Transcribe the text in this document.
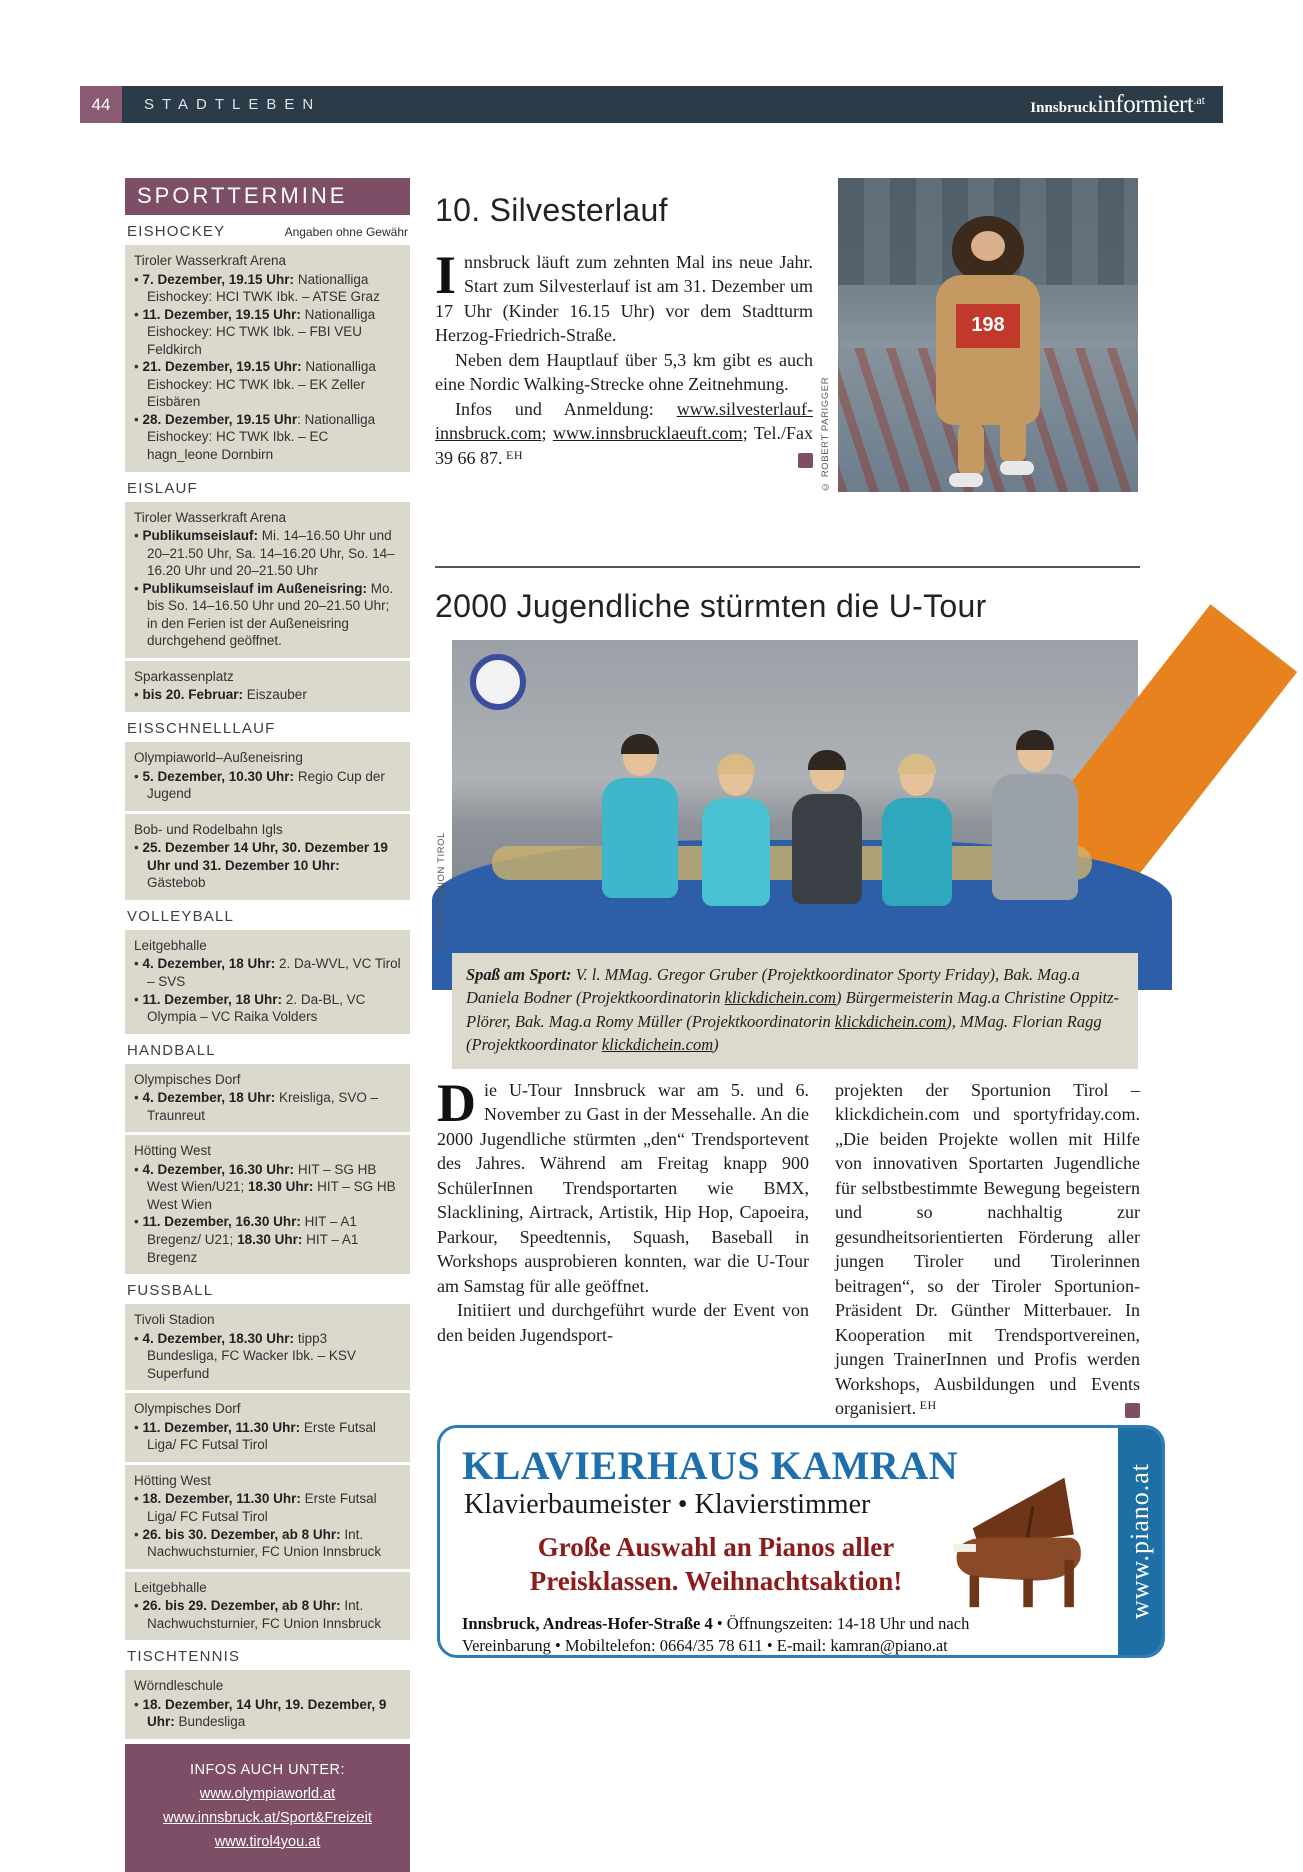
44	STADTLEBEN	Innsbruck informiert .at
SPORTTERMINE
EISHOCKEY	Angaben ohne Gewähr
Tiroler Wasserkraft Arena
• 7. Dezember, 19.15 Uhr: Nationalliga Eishockey: HCI TWK Ibk. – ATSE Graz
• 11. Dezember, 19.15 Uhr: Nationalliga Eishockey: HC TWK Ibk. – FBI VEU Feldkirch
• 21. Dezember, 19.15 Uhr: Nationalliga Eishockey: HC TWK Ibk. – EK Zeller Eisbären
• 28. Dezember, 19.15 Uhr: Nationalliga Eishockey: HC TWK Ibk. – EC hagn_leone Dornbirn
EISLAUF
Tiroler Wasserkraft Arena
• Publikumseislauf: Mi. 14–16.50 Uhr und 20–21.50 Uhr, Sa. 14–16.20 Uhr, So. 14–16.20 Uhr und 20–21.50 Uhr
• Publikumseislauf im Außeneisring: Mo. bis So. 14–16.50 Uhr und 20–21.50 Uhr; in den Ferien ist der Außeneisring durchgehend geöffnet.
Sparkassenplatz
• bis 20. Februar: Eiszauber
EISSCHNELLLAUF
Olympiaworld–Außeneisring
• 5. Dezember, 10.30 Uhr: Regio Cup der Jugend
Bob- und Rodelbahn Igls
• 25. Dezember 14 Uhr, 30. Dezember 19 Uhr und 31. Dezember 10 Uhr: Gästebob
VOLLEYBALL
Leitgebhalle
• 4. Dezember, 18 Uhr: 2. Da-WVL, VC Tirol – SVS
• 11. Dezember, 18 Uhr: 2. Da-BL, VC Olympia – VC Raika Volders
HANDBALL
Olympisches Dorf
• 4. Dezember, 18 Uhr: Kreisliga, SVO – Traunreut
Hötting West
• 4. Dezember, 16.30 Uhr: HIT – SG HB West Wien/U21; 18.30 Uhr: HIT – SG HB West Wien
• 11. Dezember, 16.30 Uhr: HIT – A1 Bregenz/ U21; 18.30 Uhr: HIT – A1 Bregenz
FUSSBALL
Tivoli Stadion
• 4. Dezember, 18.30 Uhr: tipp3 Bundesliga, FC Wacker Ibk. – KSV Superfund
Olympisches Dorf
• 11. Dezember, 11.30 Uhr: Erste Futsal Liga/ FC Futsal Tirol
Hötting West
• 18. Dezember, 11.30 Uhr: Erste Futsal Liga/ FC Futsal Tirol
• 26. bis 30. Dezember, ab 8 Uhr: Int. Nachwuchsturnier, FC Union Innsbruck
Leitgebhalle
• 26. bis 29. Dezember, ab 8 Uhr: Int. Nachwuchsturnier, FC Union Innsbruck
TISCHTENNIS
Wörndleschule
• 18. Dezember, 14 Uhr, 19. Dezember, 9 Uhr: Bundesliga
INFOS AUCH UNTER:
www.olympiaworld.at
www.innsbruck.at/Sport&Freizeit
www.tirol4you.at
10. Silvesterlauf

Innsbruck läuft zum zehnten Mal ins neue Jahr. Start zum Silvesterlauf ist am 31. Dezember um 17 Uhr (Kinder 16.15 Uhr) vor dem Stadtturm Herzog-Friedrich-Straße.

Neben dem Hauptlauf über 5,3 km gibt es auch eine Nordic Walking-Strecke ohne Zeitnehmung.

Infos und Anmeldung: www.silvesterlauf-innsbruck.com; www.innsbrucklaeuft.com; Tel./Fax 39 66 87. $^{EH}$

198
© ROBERT PARIGGER
2000 Jugendliche stürmten die U-Tour
© SPORTUNION TIROL
Spaß am Sport: V. l. MMag. Gregor Gruber (Projektkoordinator Sporty Friday), Bak. Mag.a Daniela Bodner (Projektkoordinatorin klickdichein.com) Bürgermeisterin Mag.a Christine Oppitz-Plörer, Bak. Mag.a Romy Müller (Projektkoordinatorin klickdichein.com), MMag. Florian Ragg (Projektkoordinator klickdichein.com)

Die U-Tour Innsbruck war am 5. und 6. November zu Gast in der Messehalle. An die 2000 Jugendliche stürmten „den“ Trendsportevent des Jahres. Während am Freitag knapp 900 SchülerInnen Trendsportarten wie BMX, Slacklining, Airtrack, Artistik, Hip Hop, Capoeira, Parkour, Speedtennis, Squash, Baseball in Workshops ausprobieren konnten, war die U-Tour am Samstag für alle geöffnet.

Initiiert und durchgeführt wurde der Event von den beiden Jugendsport-

projekten der Sportunion Tirol – klickdichein.com und sportyfriday.com. „Die beiden Projekte wollen mit Hilfe von innovativen Sportarten Jugendliche für selbstbestimmte Bewegung begeistern und so nachhaltig zur gesundheitsorientierten Förderung aller jungen Tiroler und Tirolerinnen beitragen“, so der Tiroler Sportunion-Präsident Dr. Günther Mitterbauer. In Kooperation mit Trendsportvereinen, jungen TrainerInnen und Profis werden Workshops, Ausbildungen und Events organisiert. $^{EH}$

KLAVIERHAUS KAMRAN
Klavierbaumeister • Klavierstimmer
Große Auswahl an Pianos aller
Preisklassen. Weihnachtsaktion!
Innsbruck, Andreas-Hofer-Straße 4 • Öffnungszeiten: 14-18 Uhr und nach Vereinbarung • Mobiltelefon: 0664/35 78 611 • E-mail: kamran@piano.at
www.piano.at
